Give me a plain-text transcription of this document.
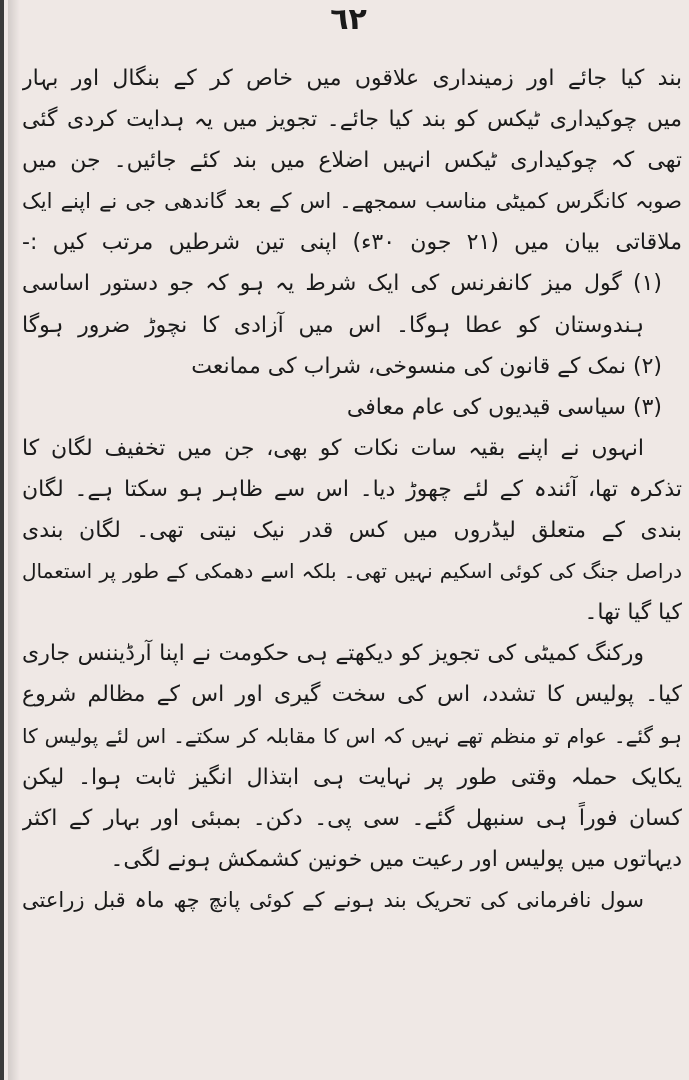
٦٢
بند کیا جائے اور زمینداری علاقوں میں خاص کر کے بنگال اور بہار
میں چوکیداری ٹیکس کو بند کیا جائے۔ تجویز میں یہ ہدایت کردی گئی
تھی کہ چوکیداری ٹیکس انہیں اضلاع میں بند کئے جائیں۔ جن میں
صوبہ کانگرس کمیٹی مناسب سمجھے۔ اس کے بعد گاندھی جی نے اپنے ایک
ملاقاتی بیان میں (۲۱ جون ۳۰ء) اپنی تین شرطیں مرتب کیں :-
(۱) گول میز کانفرنس کی ایک شرط یہ ہو کہ جو دستور اساسی
ہندوستان کو عطا ہوگا۔ اس میں آزادی کا نچوڑ ضرور ہوگا
(۲) نمک کے قانون کی منسوخی، شراب کی ممانعت
(۳) سیاسی قیدیوں کی عام معافی
انہوں نے اپنے بقیہ سات نکات کو بھی، جن میں تخفیف لگان کا
تذکرہ تھا، آئندہ کے لئے چھوڑ دیا۔ اس سے ظاہر ہو سکتا ہے۔ لگان
بندی کے متعلق لیڈروں میں کس قدر نیک نیتی تھی۔ لگان بندی
دراصل جنگ کی کوئی اسکیم نہیں تھی۔ بلکہ اسے دھمکی کے طور پر استعمال
کیا گیا تھا۔
ورکنگ کمیٹی کی تجویز کو دیکھتے ہی حکومت نے اپنا آرڈیننس جاری
کیا۔ پولیس کا تشدد، اس کی سخت گیری اور اس کے مظالم شروع
ہو گئے۔ عوام تو منظم تھے نہیں کہ اس کا مقابلہ کر سکتے۔ اس لئے پولیس کا
یکایک حملہ وقتی طور پر نہایت ہی ابتذال انگیز ثابت ہوا۔ لیکن
کسان فوراً ہی سنبھل گئے۔ سی پی۔ دکن۔ بمبئی اور بہار کے اکثر
دیہاتوں میں پولیس اور رعیت میں خونین کشمکش ہونے لگی۔
سول نافرمانی کی تحریک بند ہونے کے کوئی پانچ چھ ماہ قبل زراعتی
